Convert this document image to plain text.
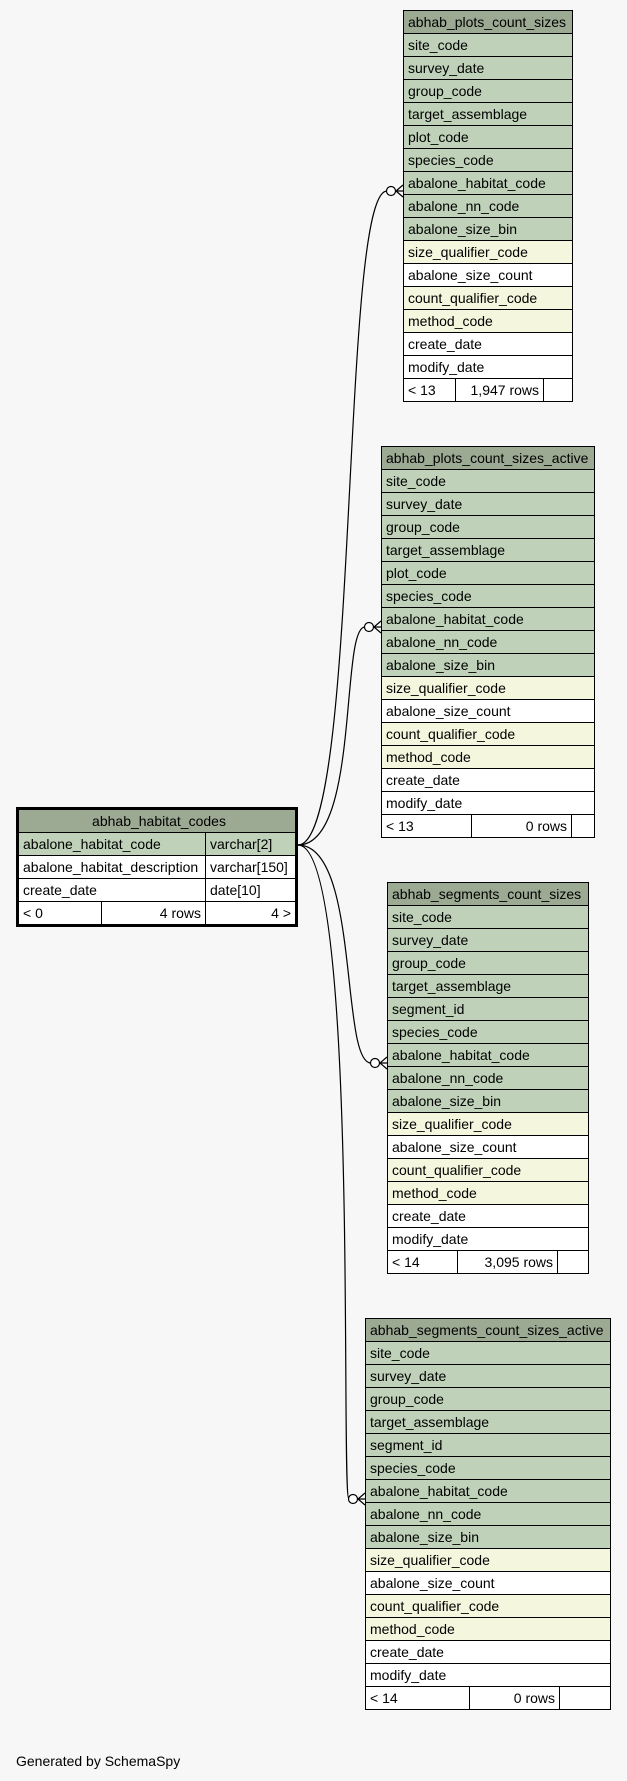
abhab_habitat_codes		
abalone_habitat_code		varchar[2]
abalone_habitat_description		varchar[150]
create_date		date[10]
< 0	4 rows	4 >
abhab_plots_count_sizes
site_code
survey_date
group_code
target_assemblage
plot_code
species_code
abalone_habitat_code
abalone_nn_code
abalone_size_bin
size_qualifier_code
abalone_size_count
count_qualifier_code
method_code
create_date
modify_date
< 13	1,947 rows	
abhab_plots_count_sizes_active
site_code
survey_date
group_code
target_assemblage
plot_code
species_code
abalone_habitat_code
abalone_nn_code
abalone_size_bin
size_qualifier_code
abalone_size_count
count_qualifier_code
method_code
create_date
modify_date
< 13	0 rows	
abhab_segments_count_sizes
site_code
survey_date
group_code
target_assemblage
segment_id
species_code
abalone_habitat_code
abalone_nn_code
abalone_size_bin
size_qualifier_code
abalone_size_count
count_qualifier_code
method_code
create_date
modify_date
< 14	3,095 rows	
abhab_segments_count_sizes_active
site_code
survey_date
group_code
target_assemblage
segment_id
species_code
abalone_habitat_code
abalone_nn_code
abalone_size_bin
size_qualifier_code
abalone_size_count
count_qualifier_code
method_code
create_date
modify_date
< 14	0 rows	
Generated by SchemaSpy
